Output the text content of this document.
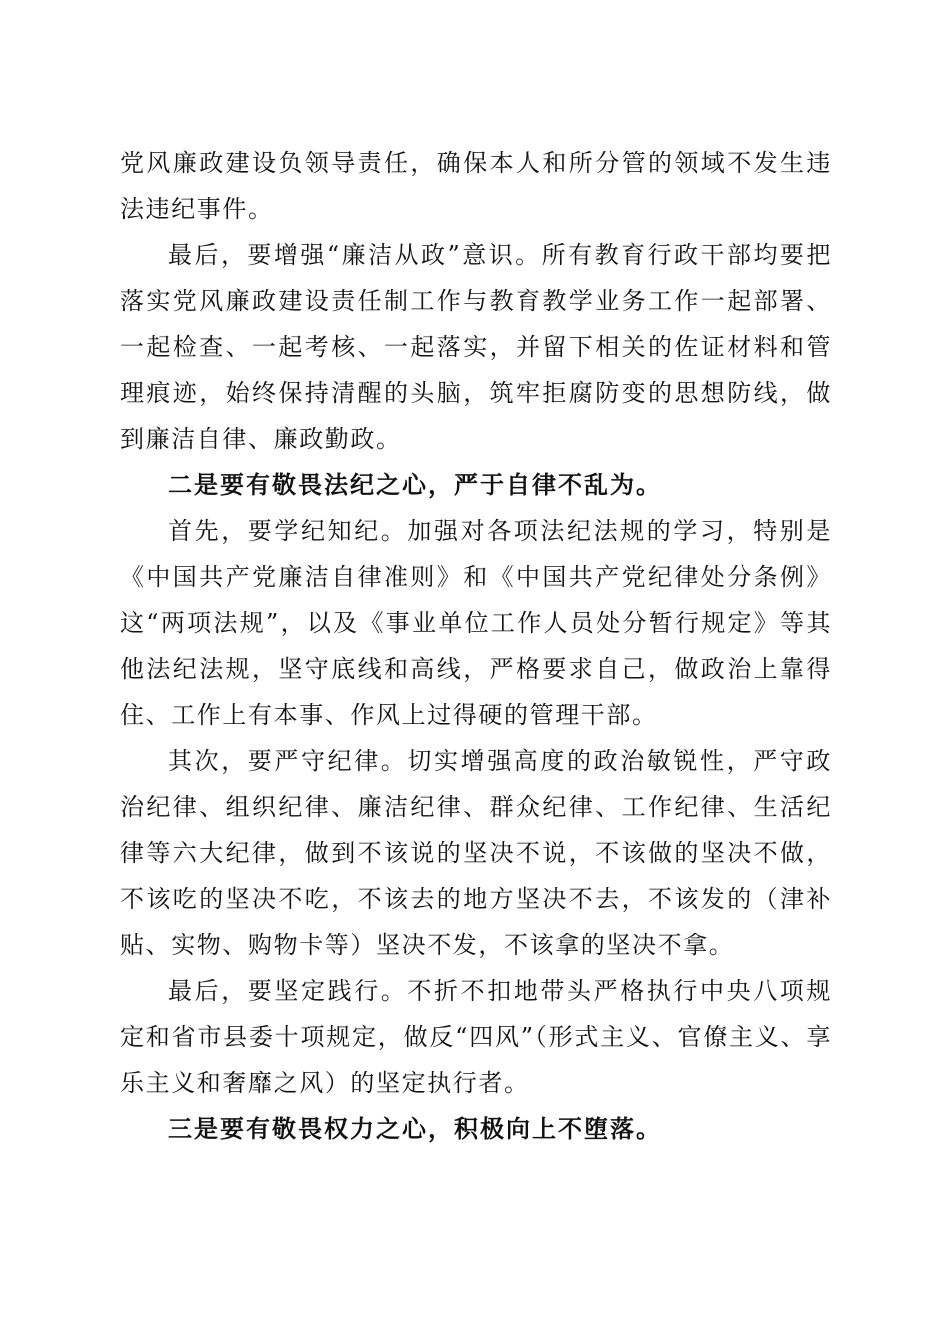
党风廉政建设负领导责任，确保本人和所分管的领域不发生违法违纪事件。

最后，要增强“廉洁从政”意识。所有教育行政干部均要把落实党风廉政建设责任制工作与教育教学业务工作一起部署、一起检查、一起考核、一起落实，并留下相关的佐证材料和管理痕迹，始终保持清醒的头脑，筑牢拒腐防变的思想防线，做到廉洁自律、廉政勤政。

二是要有敬畏法纪之心，严于自律不乱为。

首先，要学纪知纪。加强对各项法纪法规的学习，特别是《中国共产党廉洁自律准则》和《中国共产党纪律处分条例》这“两项法规”，以及《事业单位工作人员处分暂行规定》等其他法纪法规，坚守底线和高线，严格要求自己，做政治上靠得住、工作上有本事、作风上过得硬的管理干部。

其次，要严守纪律。切实增强高度的政治敏锐性，严守政治纪律、组织纪律、廉洁纪律、群众纪律、工作纪律、生活纪律等六大纪律，做到不该说的坚决不说，不该做的坚决不做，不该吃的坚决不吃，不该去的地方坚决不去，不该发的（津补贴、实物、购物卡等）坚决不发，不该拿的坚决不拿。

最后，要坚定践行。不折不扣地带头严格执行中央八项规定和省市县委十项规定，做反“四风”（形式主义、官僚主义、享乐主义和奢靡之风）的坚定执行者。

三是要有敬畏权力之心，积极向上不堕落。
